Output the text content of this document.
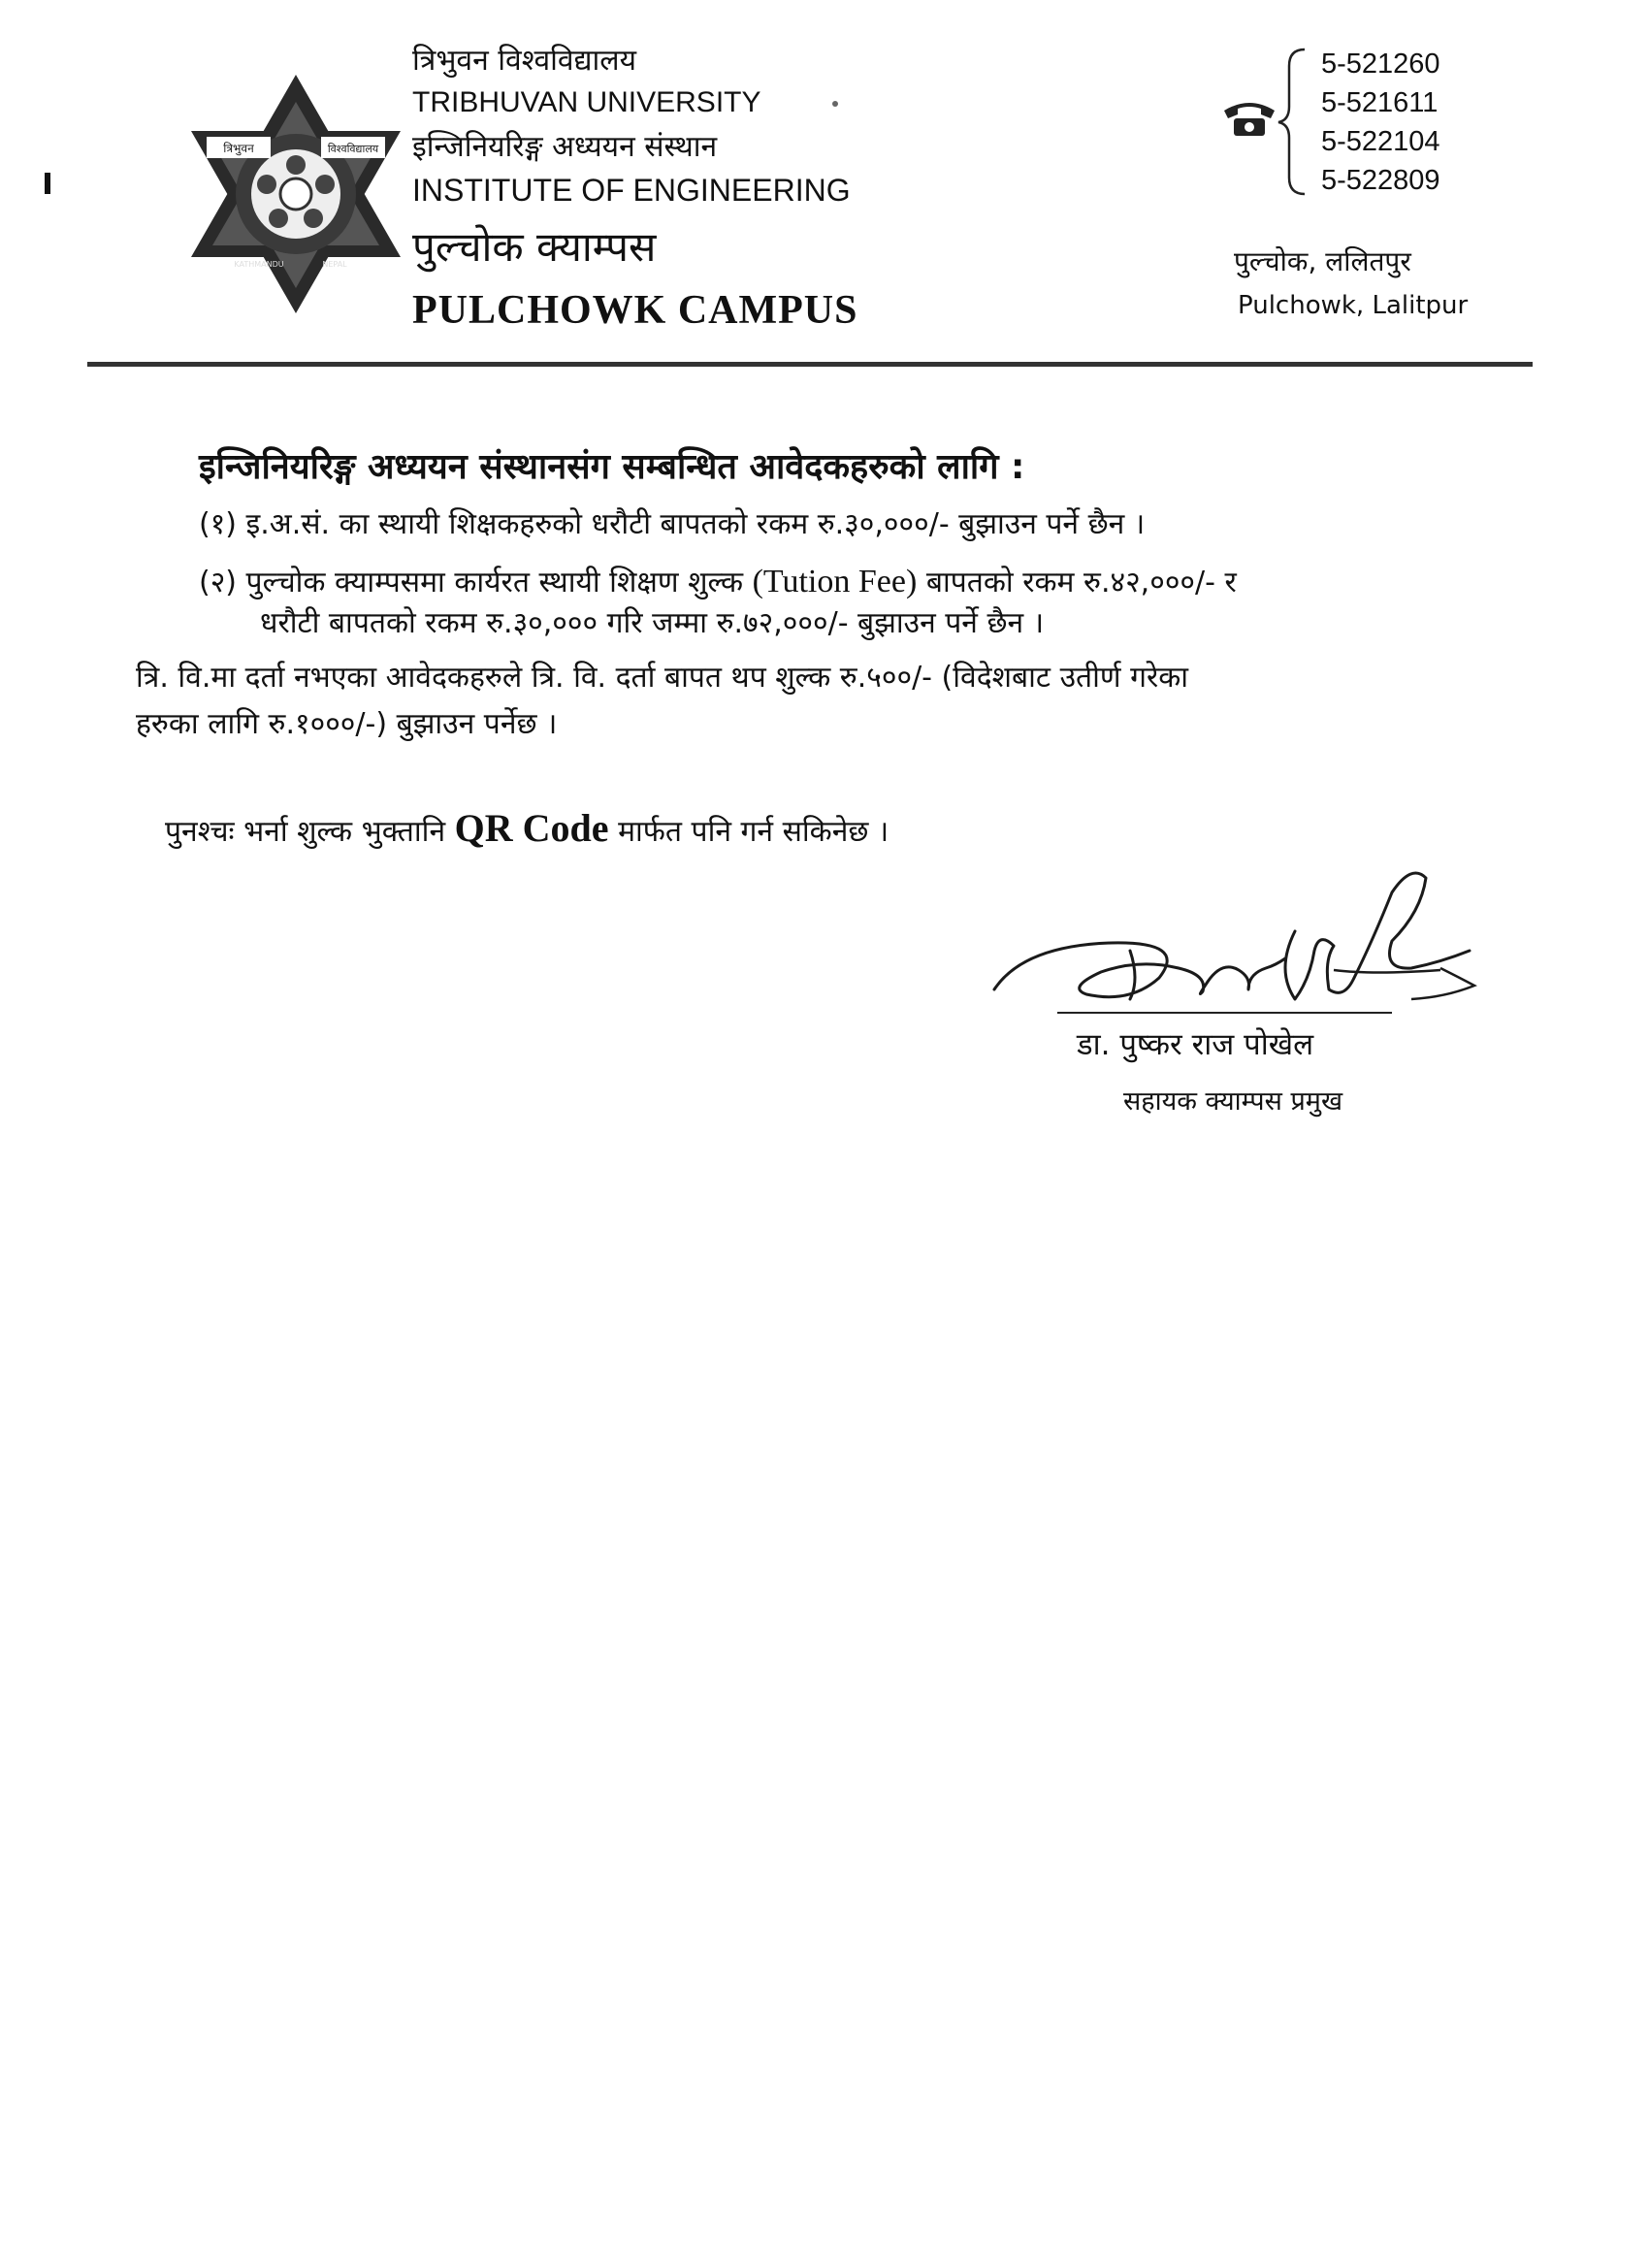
त्रिभुवन	विश्वविद्यालय
KATHMANDU	NEPAL
त्रिभुवन विश्वविद्यालय
TRIBHUVAN UNIVERSITY
इन्जिनियरिङ्ग अध्ययन संस्थान
INSTITUTE OF ENGINEERING
पुल्चोक क्याम्पस
PULCHOWK CAMPUS
5-521260
5-521611
5-522104
5-522809
पुल्चोक, ललितपुर
Pulchowk, Lalitpur
इन्जिनियरिङ्ग अध्ययन संस्थानसंग सम्बन्धित आवेदकहरुको लागि :
(१) इ.अ.सं. का स्थायी शिक्षकहरुको धरौटी बापतको रकम रु.३०,०००/- बुझाउन पर्ने छैन ।
(२) पुल्चोक क्याम्पसमा कार्यरत स्थायी शिक्षण शुल्क (Tution Fee) बापतको रकम रु.४२,०००/- र
धरौटी बापतको रकम रु.३०,००० गरि जम्मा रु.७२,०००/- बुझाउन पर्ने छैन ।
त्रि. वि.मा दर्ता नभएका आवेदकहरुले त्रि. वि. दर्ता बापत थप शुल्क रु.५००/- (विदेशबाट उतीर्ण गरेका
हरुका लागि रु.१०००/-) बुझाउन पर्नेछ ।
पुनश्चः भर्ना शुल्क भुक्तानि QR Code मार्फत पनि गर्न सकिनेछ ।
डा. पुष्कर राज पोखेल
सहायक क्याम्पस प्रमुख
